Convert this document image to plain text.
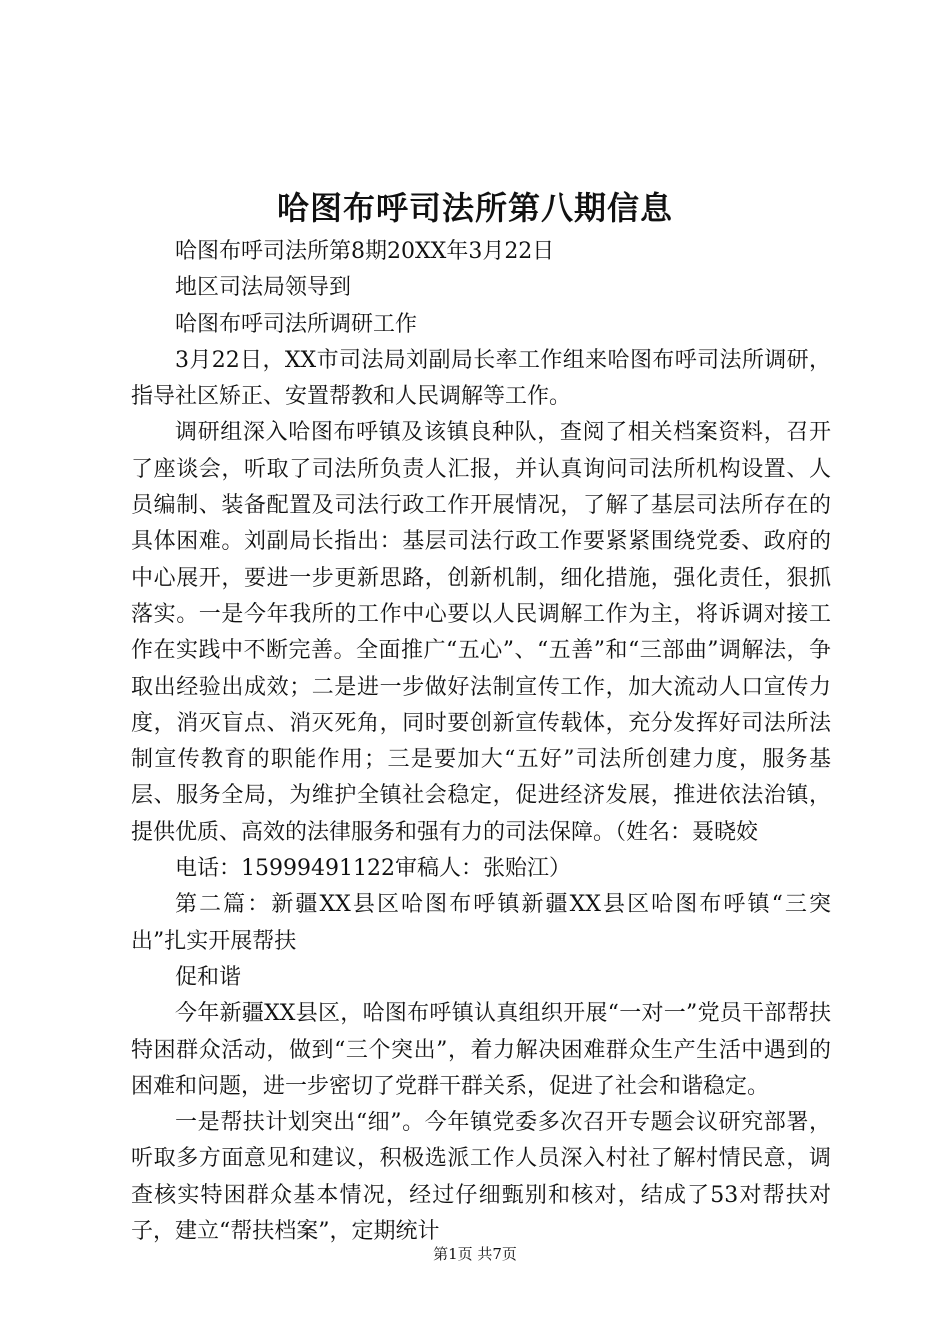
哈图布呼司法所第八期信息

哈图布呼司法所第8期20XX年3月22日

地区司法局领导到

哈图布呼司法所调研工作

3月22日，XX市司法局刘副局长率工作组来哈图布呼司法所调研，指导社区矫正、安置帮教和人民调解等工作。

调研组深入哈图布呼镇及该镇良种队，查阅了相关档案资料，召开了座谈会，听取了司法所负责人汇报，并认真询问司法所机构设置、人员编制、装备配置及司法行政工作开展情况，了解了基层司法所存在的具体困难。刘副局长指出：基层司法行政工作要紧紧围绕党委、政府的中心展开，要进一步更新思路，创新机制，细化措施，强化责任，狠抓落实。一是今年我所的工作中心要以人民调解工作为主，将诉调对接工作在实践中不断完善。全面推广“五心”、“五善”和“三部曲”调解法，争取出经验出成效；二是进一步做好法制宣传工作，加大流动人口宣传力度，消灭盲点、消灭死角，同时要创新宣传载体，充分发挥好司法所法制宣传教育的职能作用；三是要加大“五好”司法所创建力度，服务基层、服务全局，为维护全镇社会稳定，促进经济发展，推进依法治镇，提供优质、高效的法律服务和强有力的司法保障。（姓名：聂晓姣

电话：15999491122审稿人：张贻江）

第二篇：新疆XX县区哈图布呼镇新疆XX县区哈图布呼镇“三突出”扎实开展帮扶

促和谐

今年新疆XX县区，哈图布呼镇认真组织开展“一对一”党员干部帮扶特困群众活动，做到“三个突出”，着力解决困难群众生产生活中遇到的困难和问题，进一步密切了党群干群关系，促进了社会和谐稳定。

一是帮扶计划突出“细”。今年镇党委多次召开专题会议研究部署，听取多方面意见和建议，积极选派工作人员深入村社了解村情民意，调查核实特困群众基本情况，经过仔细甄别和核对，结成了53对帮扶对子，建立“帮扶档案”，定期统计

第1页 共7页
